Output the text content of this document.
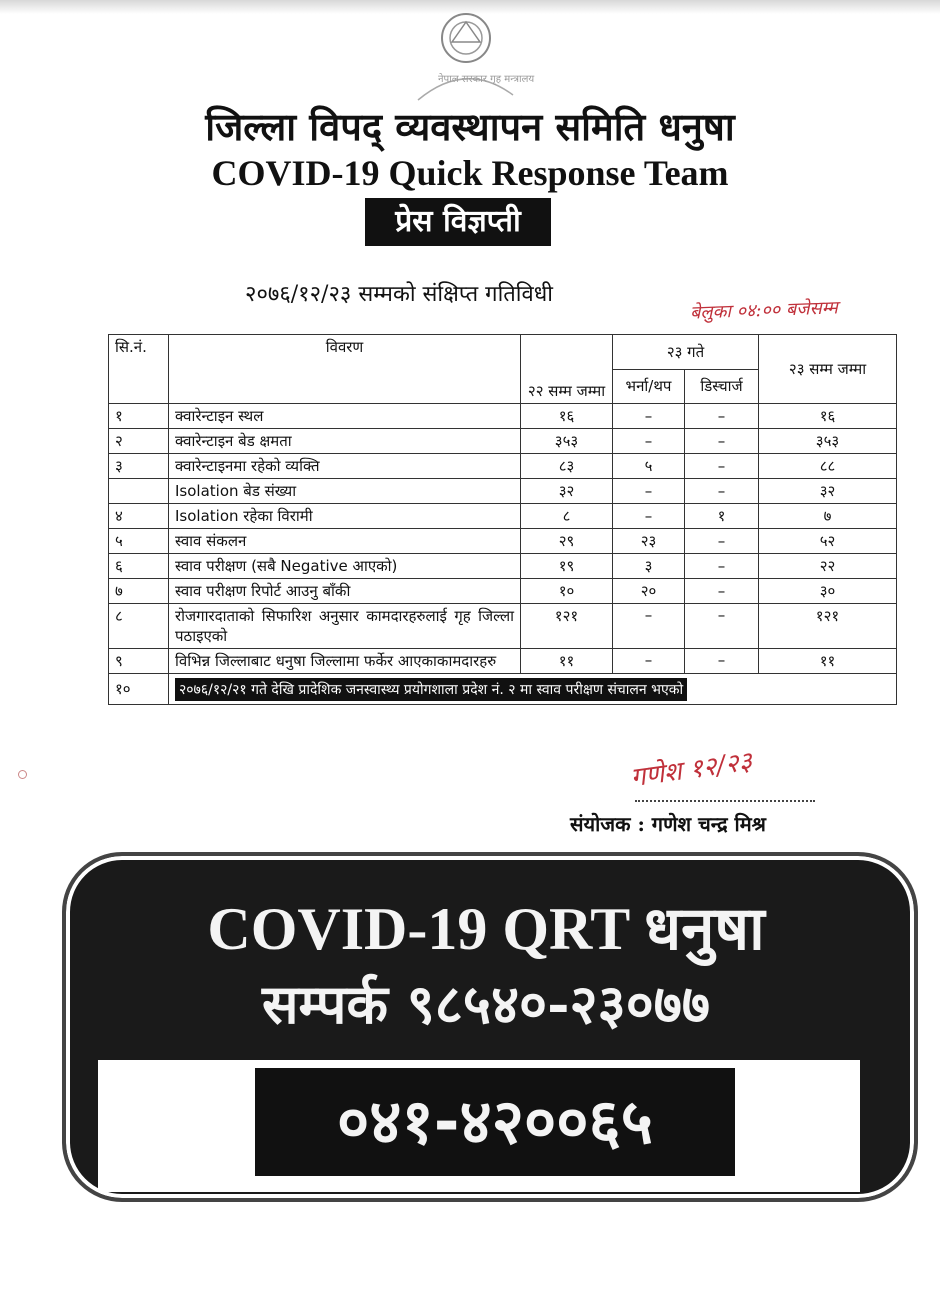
नेपाल सरकार गृह मन्त्रालय
जिल्ला विपद् व्यवस्थापन समिति धनुषा
COVID-19 Quick Response Team
प्रेस विज्ञप्ती
२०७६/१२/२३ सम्मको संक्षिप्त गतिविधी
बेलुका ०४:०० बजेसम्म
सि.नं.	विवरण	२२ सम्म जम्मा	२३ गते		२३ सम्म जम्मा
			भर्ना/थप	डिस्चार्ज	
१	क्वारेन्टाइन स्थल	१६	–	–	१६
२	क्वारेन्टाइन बेड क्षमता	३५३	–	–	३५३
३	क्वारेन्टाइनमा रहेको व्यक्ति	८३	५	–	८८
	Isolation बेड संख्या	३२	–	–	३२
४	Isolation रहेका विरामी	८	–	१	७
५	स्वाव संकलन	२९	२३	–	५२
६	स्वाव परीक्षण (सबै Negative आएको)	१९	३	–	२२
७	स्वाव परीक्षण रिपोर्ट आउनु बाँकी	१०	२०	–	३०
८	रोजगारदाताको सिफारिश अनुसार कामदारहरुलाई गृह जिल्ला पठाइएको	१२१	–	–	१२१
९	विभिन्न जिल्लाबाट धनुषा जिल्लामा फर्केर आएकाकामदारहरु	११	–	–	११
१०	२०७६/१२/२१ गते देखि प्रादेशिक जनस्वास्थ्य प्रयोगशाला प्रदेश नं. २ मा स्वाव परीक्षण संचालन भएको				
गणेश १२/२३
संयोजक : गणेश चन्द्र मिश्र
COVID-19 QRT धनुषा
सम्पर्क ९८५४०-२३०७७
०४१-४२००६५
